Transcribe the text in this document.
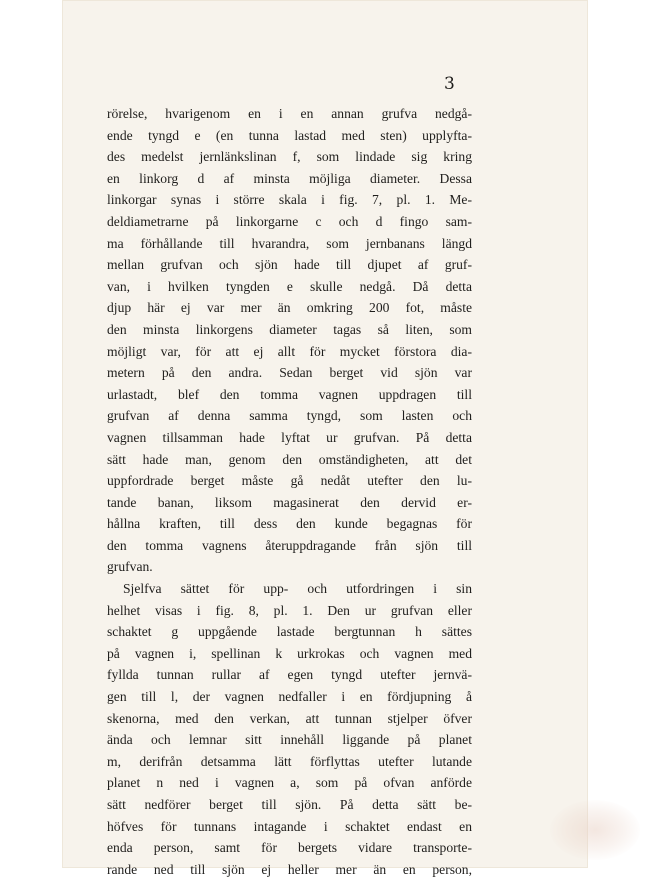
3
rörelse, hvarigenom en i en annan grufva nedgå-
ende tyngd e (en tunna lastad med sten) upplyfta-
des medelst jernlänkslinan f, som lindade sig kring
en linkorg d af minsta möjliga diameter. Dessa
linkorgar synas i större skala i fig. 7, pl. 1. Me-
deldiametrarne på linkorgarne c och d fingo sam-
ma förhållande till hvarandra, som jernbanans längd
mellan grufvan och sjön hade till djupet af gruf-
van, i hvilken tyngden e skulle nedgå. Då detta
djup här ej var mer än omkring 200 fot, måste
den minsta linkorgens diameter tagas så liten, som
möjligt var, för att ej allt för mycket förstora dia-
metern på den andra. Sedan berget vid sjön var
urlastadt, blef den tomma vagnen uppdragen till
grufvan af denna samma tyngd, som lasten och
vagnen tillsamman hade lyftat ur grufvan. På detta
sätt hade man, genom den omständigheten, att det
uppfordrade berget måste gå nedåt utefter den lu-
tande banan, liksom magasinerat den dervid er-
hållna kraften, till dess den kunde begagnas för
den tomma vagnens återuppdragande från sjön till
grufvan.
Sjelfva sättet för upp- och utfordringen i sin
helhet visas i fig. 8, pl. 1. Den ur grufvan eller
schaktet g uppgående lastade bergtunnan h sättes
på vagnen i, spellinan k urkrokas och vagnen med
fyllda tunnan rullar af egen tyngd utefter jernvä-
gen till l, der vagnen nedfaller i en fördjupning å
skenorna, med den verkan, att tunnan stjelper öfver
ända och lemnar sitt innehåll liggande på planet
m, derifrån detsamma lätt förflyttas utefter lutande
planet n ned i vagnen a, som på ofvan anförde
sätt nedförer berget till sjön. På detta sätt be-
höfves för tunnans intagande i schaktet endast en
enda person, samt för bergets vidare transporte-
rande ned till sjön ej heller mer än en person,
